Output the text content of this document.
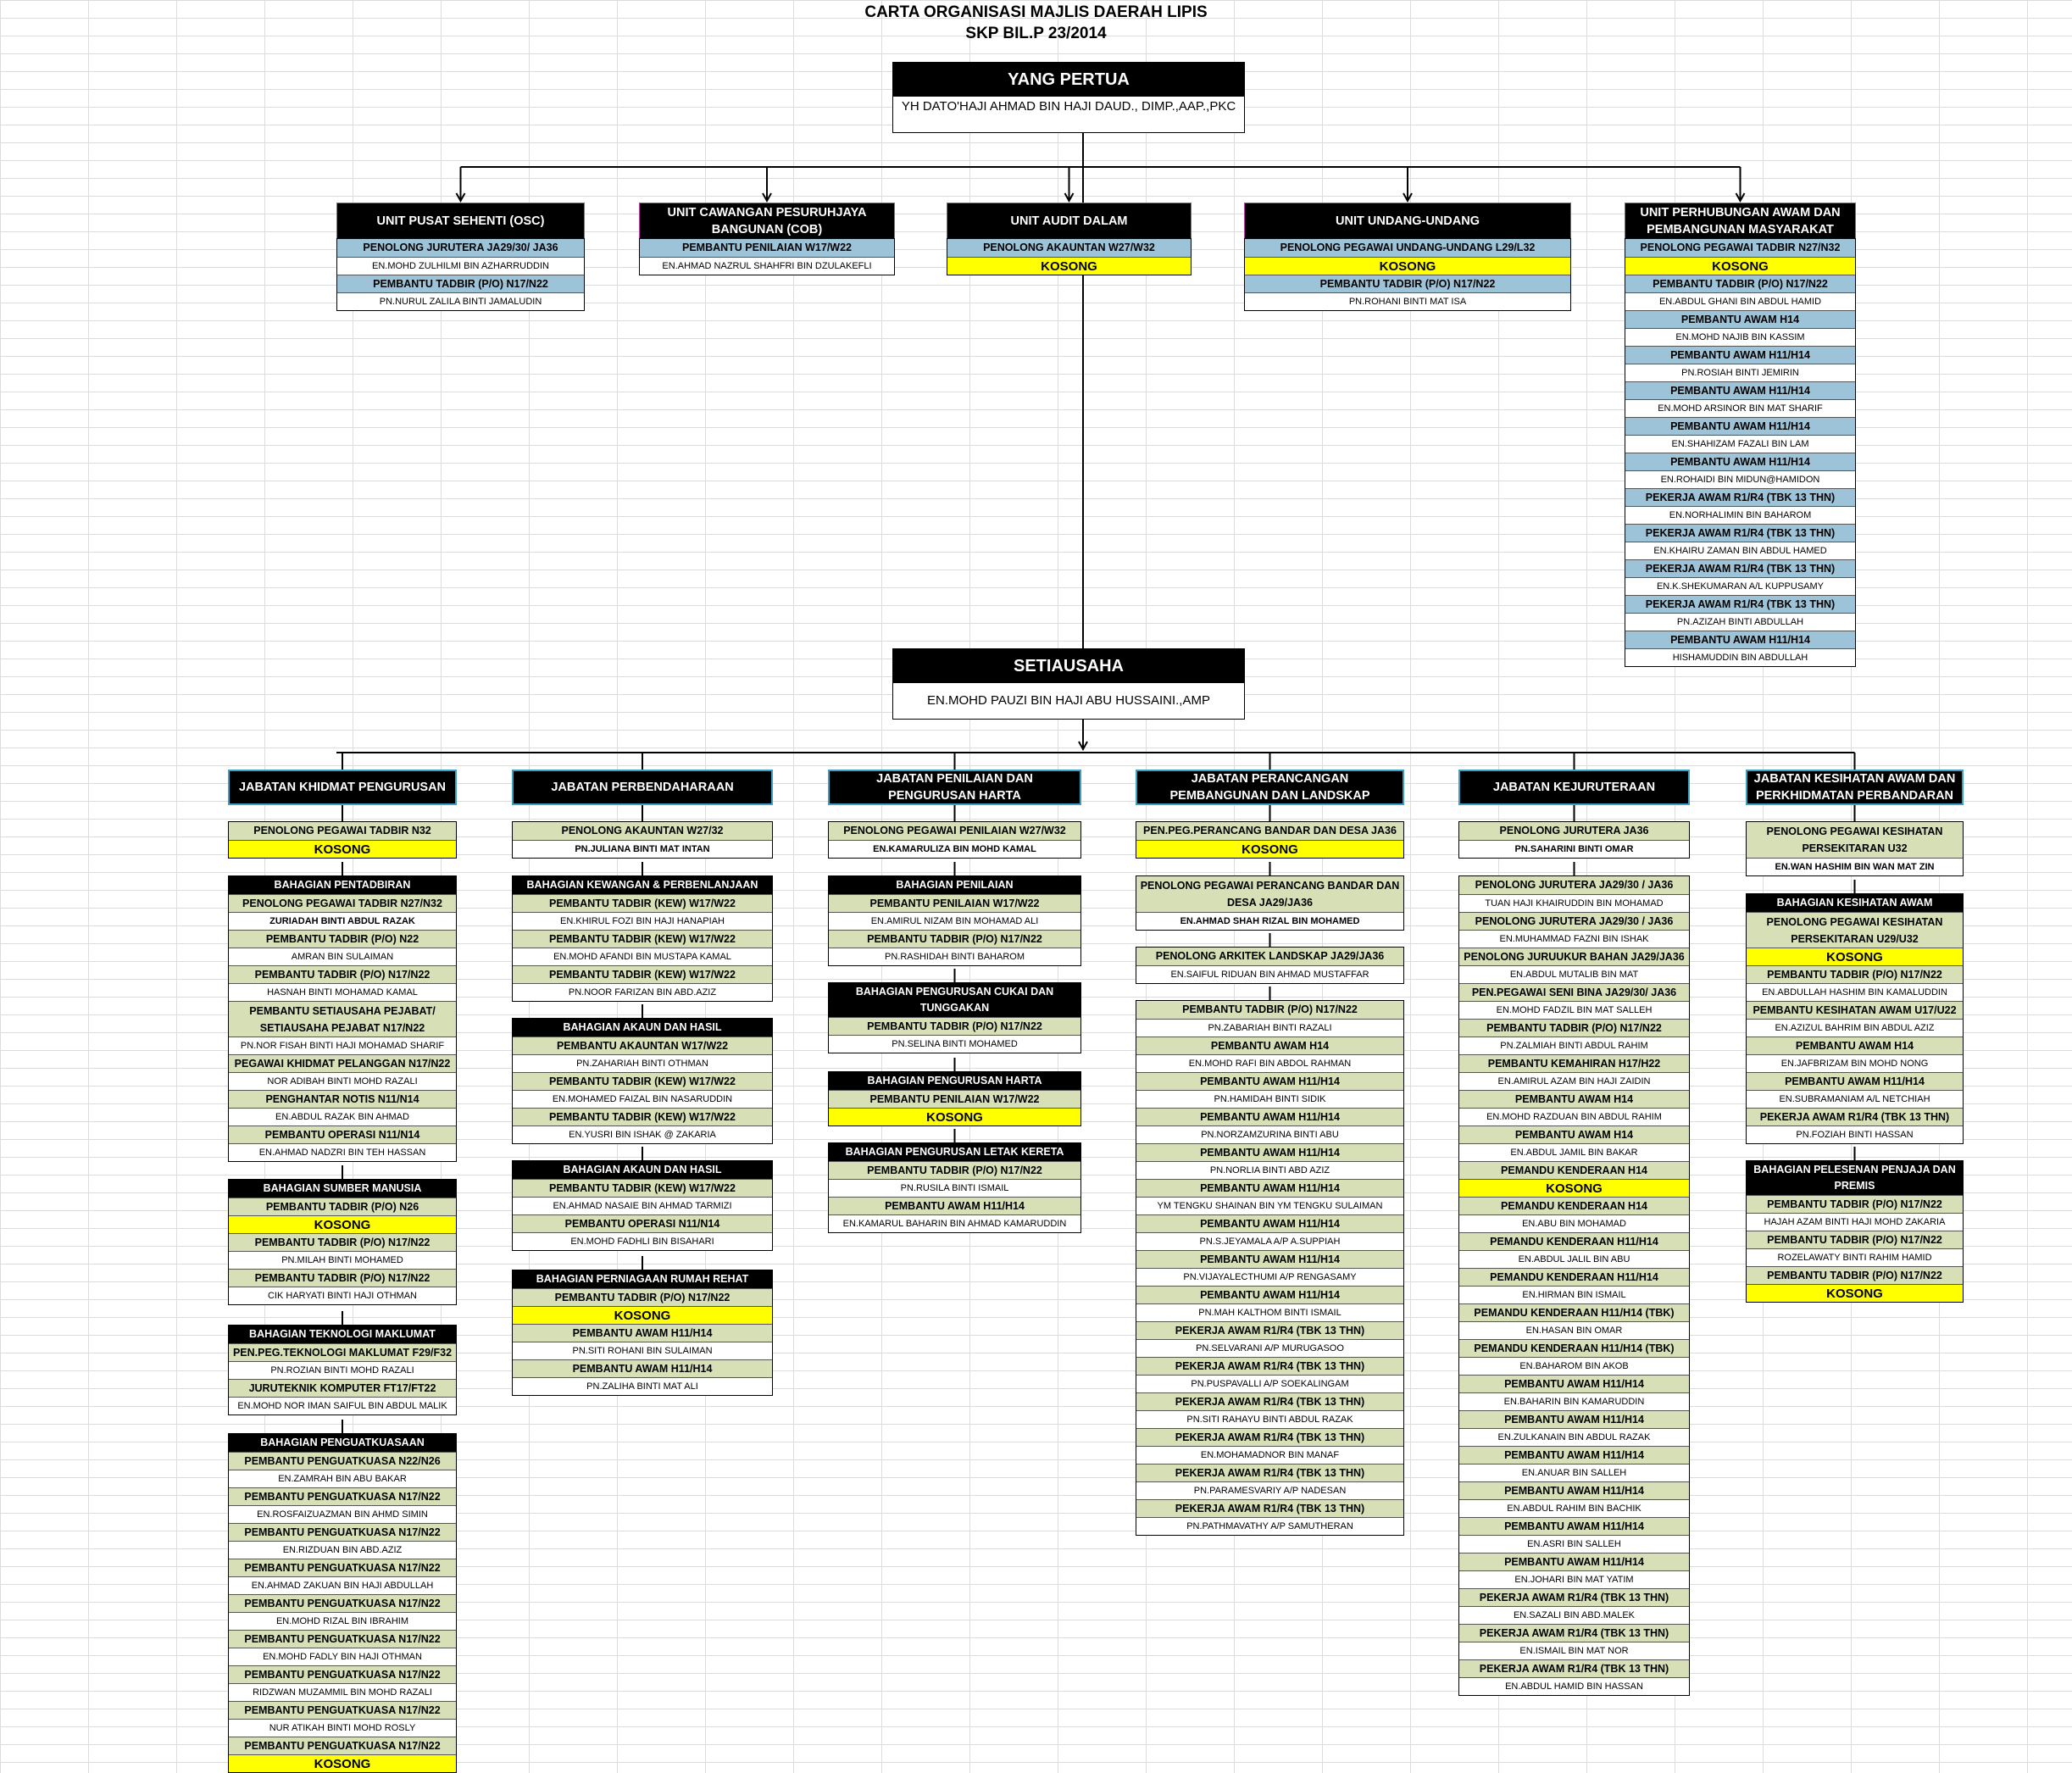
CARTA ORGANISASI MAJLIS DAERAH LIPIS
SKP BIL.P 23/2014
YANG PERTUA
YH DATO'HAJI AHMAD BIN HAJI DAUD., DIMP.,AAP.,PKC
SETIAUSAHA
EN.MOHD PAUZI BIN HAJI ABU HUSSAINI.,AMP
UNIT PUSAT SEHENTI (OSC)
PENOLONG JURUTERA JA29/30/ JA36
EN.MOHD ZULHILMI BIN AZHARRUDDIN
PEMBANTU TADBIR (P/O) N17/N22
PN.NURUL ZALILA BINTI JAMALUDIN
UNIT CAWANGAN PESURUHJAYA BANGUNAN (COB)
PEMBANTU PENILAIAN W17/W22
EN.AHMAD NAZRUL SHAHFRI BIN DZULAKEFLI
UNIT AUDIT DALAM
PENOLONG AKAUNTAN W27/W32
KOSONG
UNIT UNDANG-UNDANG
PENOLONG PEGAWAI UNDANG-UNDANG L29/L32
KOSONG
PEMBANTU TADBIR (P/O) N17/N22
PN.ROHANI BINTI MAT ISA
UNIT PERHUBUNGAN AWAM DAN PEMBANGUNAN MASYARAKAT
PENOLONG PEGAWAI TADBIR N27/N32
KOSONG
PEMBANTU TADBIR (P/O) N17/N22
EN.ABDUL GHANI BIN ABDUL HAMID
PEMBANTU AWAM H14
EN.MOHD NAJIB BIN KASSIM
PEMBANTU AWAM H11/H14
PN.ROSIAH BINTI JEMIRIN
PEMBANTU AWAM H11/H14
EN.MOHD ARSINOR BIN MAT SHARIF
PEMBANTU AWAM H11/H14
EN.SHAHIZAM FAZALI BIN LAM
PEMBANTU AWAM H11/H14
EN.ROHAIDI BIN MIDUN@HAMIDON
PEKERJA AWAM R1/R4 (TBK 13 THN)
EN.NORHALIMIN BIN BAHAROM
PEKERJA AWAM R1/R4 (TBK 13 THN)
EN.KHAIRU ZAMAN BIN ABDUL HAMED
PEKERJA AWAM R1/R4 (TBK 13 THN)
EN.K.SHEKUMARAN A/L KUPPUSAMY
PEKERJA AWAM R1/R4 (TBK 13 THN)
PN.AZIZAH BINTI ABDULLAH
PEMBANTU AWAM H11/H14
HISHAMUDDIN BIN ABDULLAH
JABATAN KHIDMAT PENGURUSAN
PENOLONG PEGAWAI TADBIR N32
KOSONG
BAHAGIAN PENTADBIRAN
PENOLONG PEGAWAI TADBIR N27/N32
ZURIADAH BINTI ABDUL RAZAK
PEMBANTU TADBIR (P/O) N22
AMRAN BIN SULAIMAN
PEMBANTU TADBIR (P/O) N17/N22
HASNAH BINTI MOHAMAD KAMAL
PEMBANTU SETIAUSAHA PEJABAT/ SETIAUSAHA PEJABAT N17/N22
PN.NOR FISAH BINTI HAJI MOHAMAD SHARIF
PEGAWAI KHIDMAT PELANGGAN N17/N22
NOR ADIBAH BINTI MOHD RAZALI
PENGHANTAR NOTIS N11/N14
EN.ABDUL RAZAK BIN AHMAD
PEMBANTU OPERASI N11/N14
EN.AHMAD NADZRI BIN TEH HASSAN
BAHAGIAN SUMBER MANUSIA
PEMBANTU TADBIR (P/O) N26
KOSONG
PEMBANTU TADBIR (P/O) N17/N22
PN.MILAH BINTI MOHAMED
PEMBANTU TADBIR (P/O) N17/N22
CIK HARYATI BINTI HAJI OTHMAN
BAHAGIAN TEKNOLOGI MAKLUMAT
PEN.PEG.TEKNOLOGI MAKLUMAT F29/F32
PN.ROZIAN BINTI MOHD RAZALI
JURUTEKNIK KOMPUTER FT17/FT22
EN.MOHD NOR IMAN SAIFUL BIN ABDUL MALIK
BAHAGIAN PENGUATKUASAAN
PEMBANTU PENGUATKUASA N22/N26
EN.ZAMRAH BIN ABU BAKAR
PEMBANTU PENGUATKUASA N17/N22
EN.ROSFAIZUAZMAN BIN AHMD SIMIN
PEMBANTU PENGUATKUASA N17/N22
EN.RIZDUAN BIN ABD.AZIZ
PEMBANTU PENGUATKUASA N17/N22
EN.AHMAD ZAKUAN BIN HAJI ABDULLAH
PEMBANTU PENGUATKUASA N17/N22
EN.MOHD RIZAL BIN IBRAHIM
PEMBANTU PENGUATKUASA N17/N22
EN.MOHD FADLY BIN HAJI OTHMAN
PEMBANTU PENGUATKUASA N17/N22
RIDZWAN MUZAMMIL BIN MOHD RAZALI
PEMBANTU PENGUATKUASA N17/N22
NUR ATIKAH BINTI MOHD ROSLY
PEMBANTU PENGUATKUASA N17/N22
KOSONG
JABATAN PERBENDAHARAAN
PENOLONG AKAUNTAN W27/32
PN.JULIANA BINTI MAT INTAN
BAHAGIAN KEWANGAN & PERBENLANJAAN
PEMBANTU TADBIR (KEW) W17/W22
EN.KHIRUL FOZI BIN HAJI HANAPIAH
PEMBANTU TADBIR (KEW) W17/W22
EN.MOHD AFANDI BIN MUSTAPA KAMAL
PEMBANTU TADBIR (KEW) W17/W22
PN.NOOR FARIZAN BIN ABD.AZIZ
BAHAGIAN AKAUN DAN HASIL
PEMBANTU AKAUNTAN W17/W22
PN.ZAHARIAH BINTI OTHMAN
PEMBANTU TADBIR (KEW) W17/W22
EN.MOHAMED FAIZAL BIN NASARUDDIN
PEMBANTU TADBIR (KEW) W17/W22
EN.YUSRI BIN ISHAK @ ZAKARIA
BAHAGIAN AKAUN DAN HASIL
PEMBANTU TADBIR (KEW) W17/W22
EN.AHMAD NASAIE BIN AHMAD TARMIZI
PEMBANTU OPERASI N11/N14
EN.MOHD FADHLI BIN BISAHARI
BAHAGIAN PERNIAGAAN RUMAH REHAT
PEMBANTU TADBIR (P/O) N17/N22
KOSONG
PEMBANTU AWAM H11/H14
PN.SITI ROHANI BIN SULAIMAN
PEMBANTU AWAM H11/H14
PN.ZALIHA BINTI MAT ALI
JABATAN PENILAIAN DAN PENGURUSAN HARTA
PENOLONG PEGAWAI PENILAIAN W27/W32
EN.KAMARULIZA BIN MOHD KAMAL
BAHAGIAN PENILAIAN
PEMBANTU PENILAIAN W17/W22
EN.AMIRUL NIZAM BIN MOHAMAD ALI
PEMBANTU TADBIR (P/O) N17/N22
PN.RASHIDAH BINTI BAHAROM
BAHAGIAN PENGURUSAN CUKAI DAN TUNGGAKAN
PEMBANTU TADBIR (P/O) N17/N22
PN.SELINA BINTI MOHAMED
BAHAGIAN PENGURUSAN HARTA
PEMBANTU PENILAIAN W17/W22
KOSONG
BAHAGIAN PENGURUSAN LETAK KERETA
PEMBANTU TADBIR (P/O) N17/N22
PN.RUSILA BINTI ISMAIL
PEMBANTU AWAM H11/H14
EN.KAMARUL BAHARIN BIN AHMAD KAMARUDDIN
JABATAN PERANCANGAN PEMBANGUNAN DAN LANDSKAP
PEN.PEG.PERANCANG BANDAR DAN DESA JA36
KOSONG
PENOLONG PEGAWAI PERANCANG BANDAR DAN DESA JA29/JA36
EN.AHMAD SHAH RIZAL BIN MOHAMED
PENOLONG ARKITEK LANDSKAP JA29/JA36
EN.SAIFUL RIDUAN BIN AHMAD MUSTAFFAR
PEMBANTU TADBIR (P/O) N17/N22
PN.ZABARIAH BINTI RAZALI
PEMBANTU AWAM H14
EN.MOHD RAFI BIN ABDOL RAHMAN
PEMBANTU AWAM H11/H14
PN.HAMIDAH BINTI SIDIK
PEMBANTU AWAM H11/H14
PN.NORZAMZURINA BINTI ABU
PEMBANTU AWAM H11/H14
PN.NORLIA BINTI ABD AZIZ
PEMBANTU AWAM H11/H14
YM TENGKU SHAINAN BIN YM TENGKU SULAIMAN
PEMBANTU AWAM H11/H14
PN.S.JEYAMALA A/P A.SUPPIAH
PEMBANTU AWAM H11/H14
PN.VIJAYALECTHUMI A/P RENGASAMY
PEMBANTU AWAM H11/H14
PN.MAH KALTHOM BINTI ISMAIL
PEKERJA AWAM R1/R4 (TBK 13 THN)
PN.SELVARANI A/P MURUGASOO
PEKERJA AWAM R1/R4 (TBK 13 THN)
PN.PUSPAVALLI A/P SOEKALINGAM
PEKERJA AWAM R1/R4 (TBK 13 THN)
PN.SITI RAHAYU BINTI ABDUL RAZAK
PEKERJA AWAM R1/R4 (TBK 13 THN)
EN.MOHAMADNOR BIN MANAF
PEKERJA AWAM R1/R4 (TBK 13 THN)
PN.PARAMESVARIY A/P NADESAN
PEKERJA AWAM R1/R4 (TBK 13 THN)
PN.PATHMAVATHY A/P SAMUTHERAN
JABATAN KEJURUTERAAN
PENOLONG JURUTERA JA36
PN.SAHARINI BINTI OMAR
PENOLONG JURUTERA JA29/30 / JA36
TUAN HAJI KHAIRUDDIN BIN MOHAMAD
PENOLONG JURUTERA JA29/30 / JA36
EN.MUHAMMAD FAZNI BIN ISHAK
PENOLONG JURUUKUR BAHAN JA29/JA36
EN.ABDUL MUTALIB BIN MAT
PEN.PEGAWAI SENI BINA JA29/30/ JA36
EN.MOHD FADZIL BIN MAT SALLEH
PEMBANTU TADBIR (P/O) N17/N22
PN.ZALMIAH BINTI ABDUL RAHIM
PEMBANTU KEMAHIRAN H17/H22
EN.AMIRUL AZAM BIN HAJI ZAIDIN
PEMBANTU AWAM H14
EN.MOHD RAZDUAN BIN ABDUL RAHIM
PEMBANTU AWAM H14
EN.ABDUL JAMIL BIN BAKAR
PEMANDU KENDERAAN H14
KOSONG
PEMANDU KENDERAAN H14
EN.ABU BIN MOHAMAD
PEMANDU KENDERAAN H11/H14
EN.ABDUL JALIL BIN ABU
PEMANDU KENDERAAN H11/H14
EN.HIRMAN BIN ISMAIL
PEMANDU KENDERAAN H11/H14 (TBK)
EN.HASAN BIN OMAR
PEMANDU KENDERAAN H11/H14 (TBK)
EN.BAHAROM BIN AKOB
PEMBANTU AWAM H11/H14
EN.BAHARIN BIN KAMARUDDIN
PEMBANTU AWAM H11/H14
EN.ZULKANAIN BIN ABDUL RAZAK
PEMBANTU AWAM H11/H14
EN.ANUAR BIN SALLEH
PEMBANTU AWAM H11/H14
EN.ABDUL RAHIM BIN BACHIK
PEMBANTU AWAM H11/H14
EN.ASRI BIN SALLEH
PEMBANTU AWAM H11/H14
EN.JOHARI BIN MAT YATIM
PEKERJA AWAM R1/R4 (TBK 13 THN)
EN.SAZALI BIN ABD.MALEK
PEKERJA AWAM R1/R4 (TBK 13 THN)
EN.ISMAIL BIN MAT NOR
PEKERJA AWAM R1/R4 (TBK 13 THN)
EN.ABDUL HAMID BIN HASSAN
JABATAN KESIHATAN AWAM DAN PERKHIDMATAN PERBANDARAN
PENOLONG PEGAWAI KESIHATAN PERSEKITARAN U32
EN.WAN HASHIM BIN WAN MAT ZIN
BAHAGIAN KESIHATAN AWAM
PENOLONG PEGAWAI KESIHATAN PERSEKITARAN U29/U32
KOSONG
PEMBANTU TADBIR (P/O) N17/N22
EN.ABDULLAH HASHIM BIN KAMALUDDIN
PEMBANTU KESIHATAN AWAM U17/U22
EN.AZIZUL BAHRIM BIN ABDUL AZIZ
PEMBANTU AWAM H14
EN.JAFBRIZAM BIN MOHD NONG
PEMBANTU AWAM H11/H14
EN.SUBRAMANIAM A/L NETCHIAH
PEKERJA AWAM R1/R4 (TBK 13 THN)
PN.FOZIAH BINTI HASSAN
BAHAGIAN PELESENAN PENJAJA DAN PREMIS
PEMBANTU TADBIR (P/O) N17/N22
HAJAH AZAM BINTI HAJI MOHD ZAKARIA
PEMBANTU TADBIR (P/O) N17/N22
ROZELAWATY BINTI RAHIM HAMID
PEMBANTU TADBIR (P/O) N17/N22
KOSONG
